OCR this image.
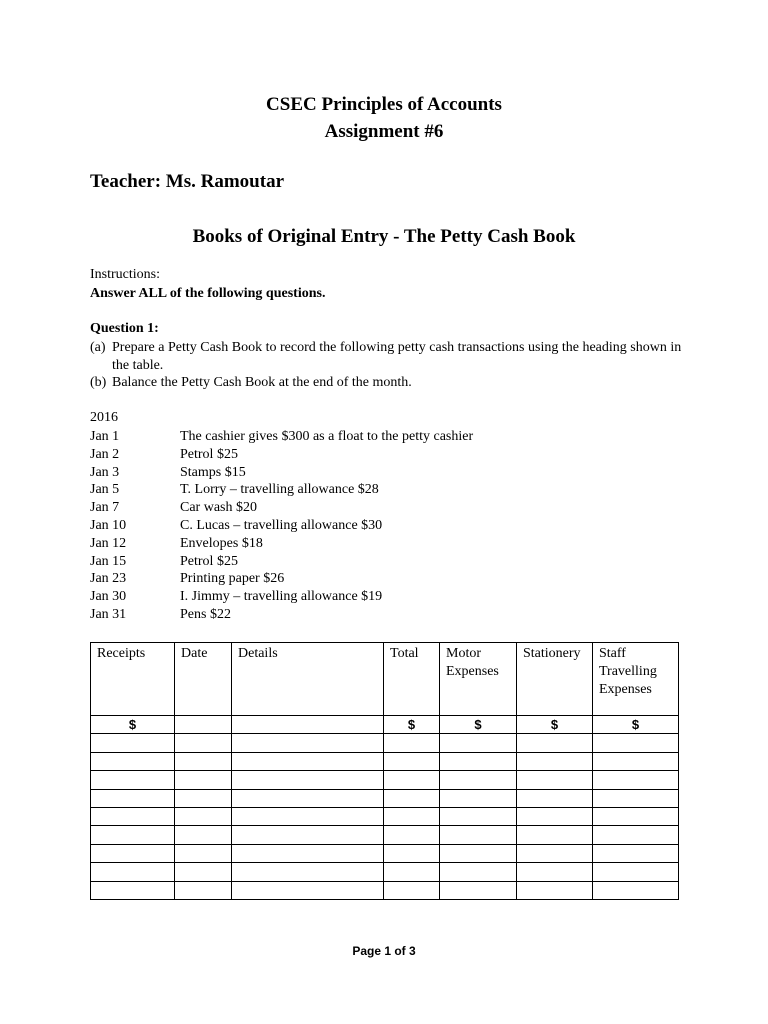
CSEC Principles of Accounts
Assignment #6
Teacher: Ms. Ramoutar
Books of Original Entry - The Petty Cash Book
Instructions:
Answer ALL of the following questions.
Question 1:
(a) Prepare a Petty Cash Book to record the following petty cash transactions using the heading shown in the table.
(b) Balance the Petty Cash Book at the end of the month.
2016
Jan 1	The cashier gives $300 as a float to the petty cashier
Jan 2	Petrol $25
Jan 3	Stamps $15
Jan 5	T. Lorry – travelling allowance $28
Jan 7	Car wash $20
Jan 10	C. Lucas – travelling allowance $30
Jan 12	Envelopes $18
Jan 15	Petrol $25
Jan 23	Printing paper $26
Jan 30	I. Jimmy – travelling allowance $19
Jan 31	Pens $22
Receipts	Date	Details	Total	Motor Expenses	Stationery	Staff Travelling Expenses
$			$	$	$	$

Page 1 of 3
